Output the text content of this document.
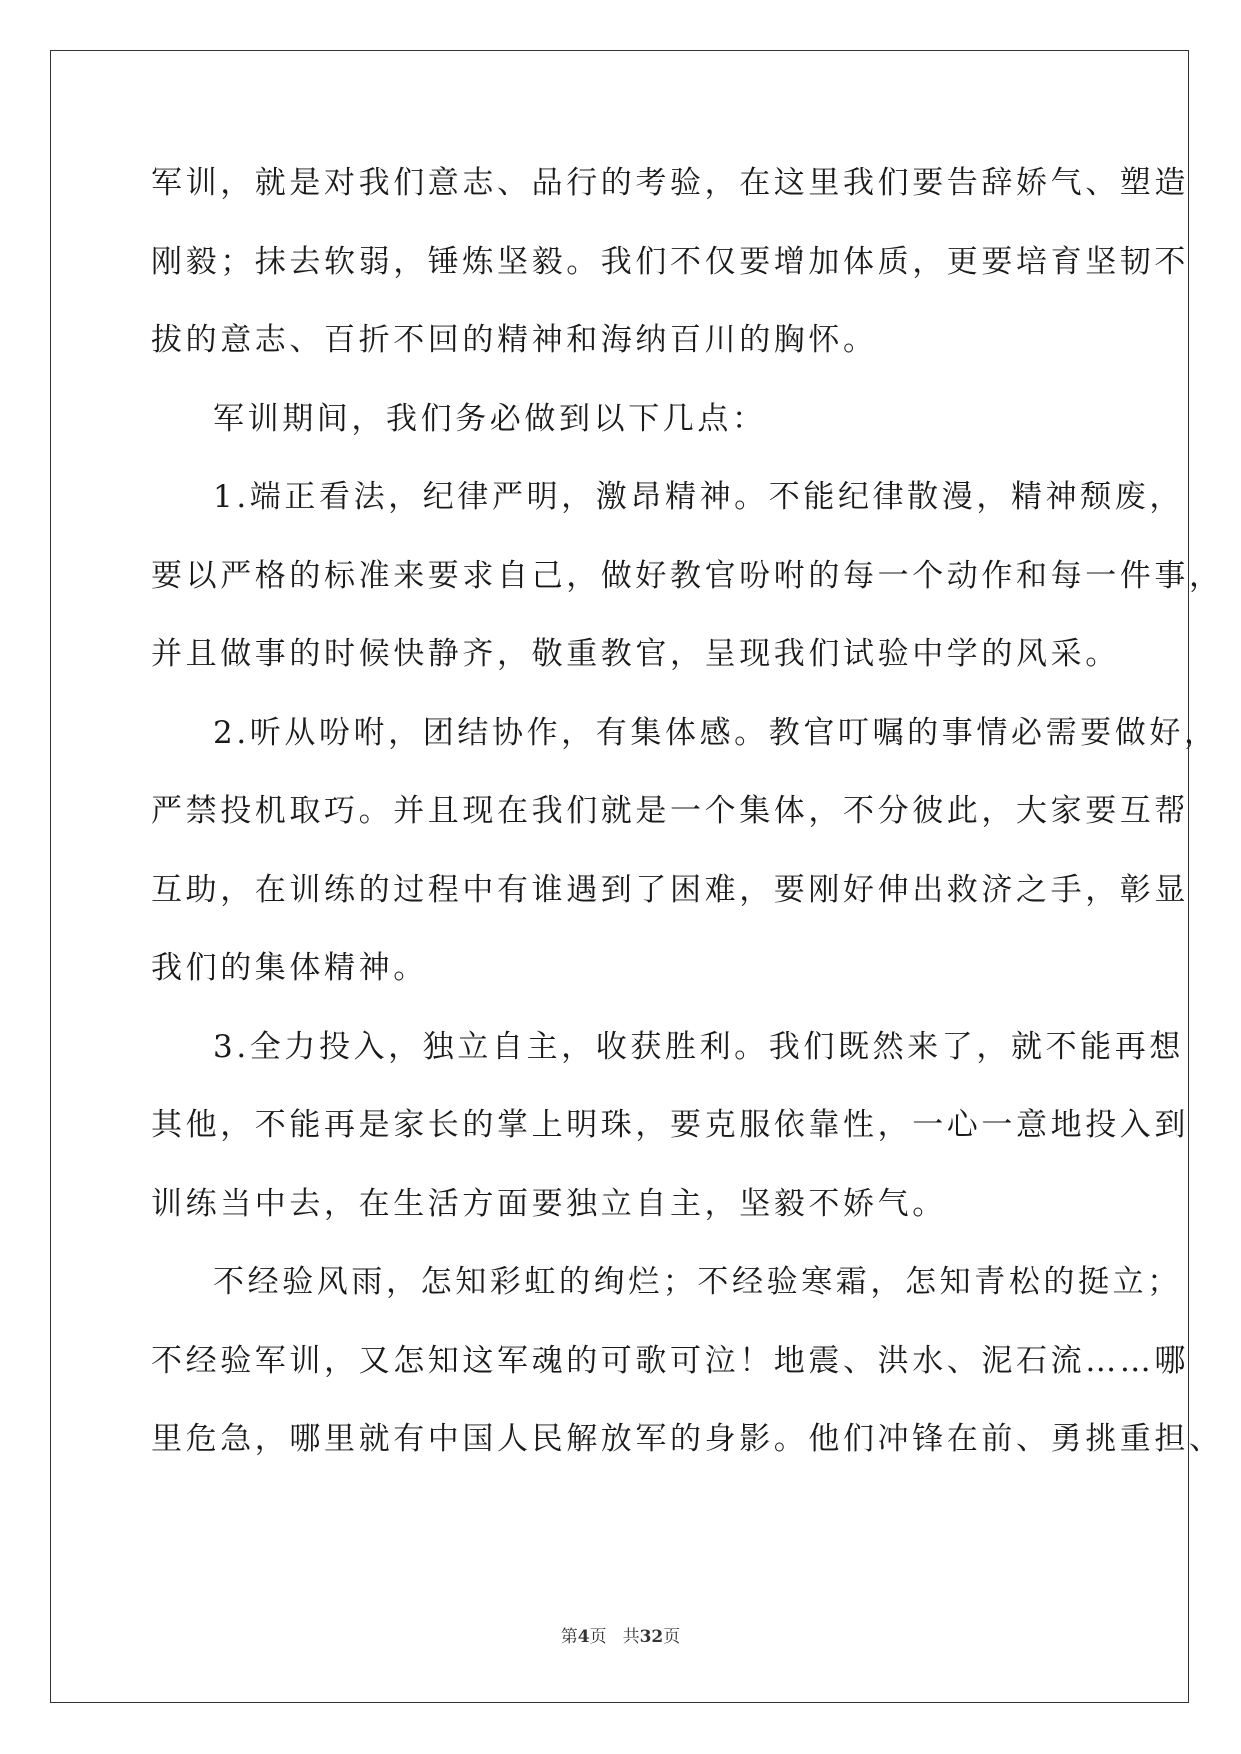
军训，就是对我们意志、品行的考验，在这里我们要告辞娇气、塑造
刚毅；抹去软弱，锤炼坚毅。我们不仅要增加体质，更要培育坚韧不
拔的意志、百折不回的精神和海纳百川的胸怀。
军训期间，我们务必做到以下几点：
1.端正看法，纪律严明，激昂精神。不能纪律散漫，精神颓废，
要以严格的标准来要求自己，做好教官吩咐的每一个动作和每一件事，
并且做事的时候快静齐，敬重教官，呈现我们试验中学的风采。
2.听从吩咐，团结协作，有集体感。教官叮嘱的事情必需要做好，
严禁投机取巧。并且现在我们就是一个集体，不分彼此，大家要互帮
互助，在训练的过程中有谁遇到了困难，要刚好伸出救济之手，彰显
我们的集体精神。
3.全力投入，独立自主，收获胜利。我们既然来了，就不能再想
其他，不能再是家长的掌上明珠，要克服依靠性，一心一意地投入到
训练当中去，在生活方面要独立自主，坚毅不娇气。
不经验风雨，怎知彩虹的绚烂；不经验寒霜，怎知青松的挺立；
不经验军训，又怎知这军魂的可歌可泣！地震、洪水、泥石流……哪
里危急，哪里就有中国人民解放军的身影。他们冲锋在前、勇挑重担、
第4页 共32页
